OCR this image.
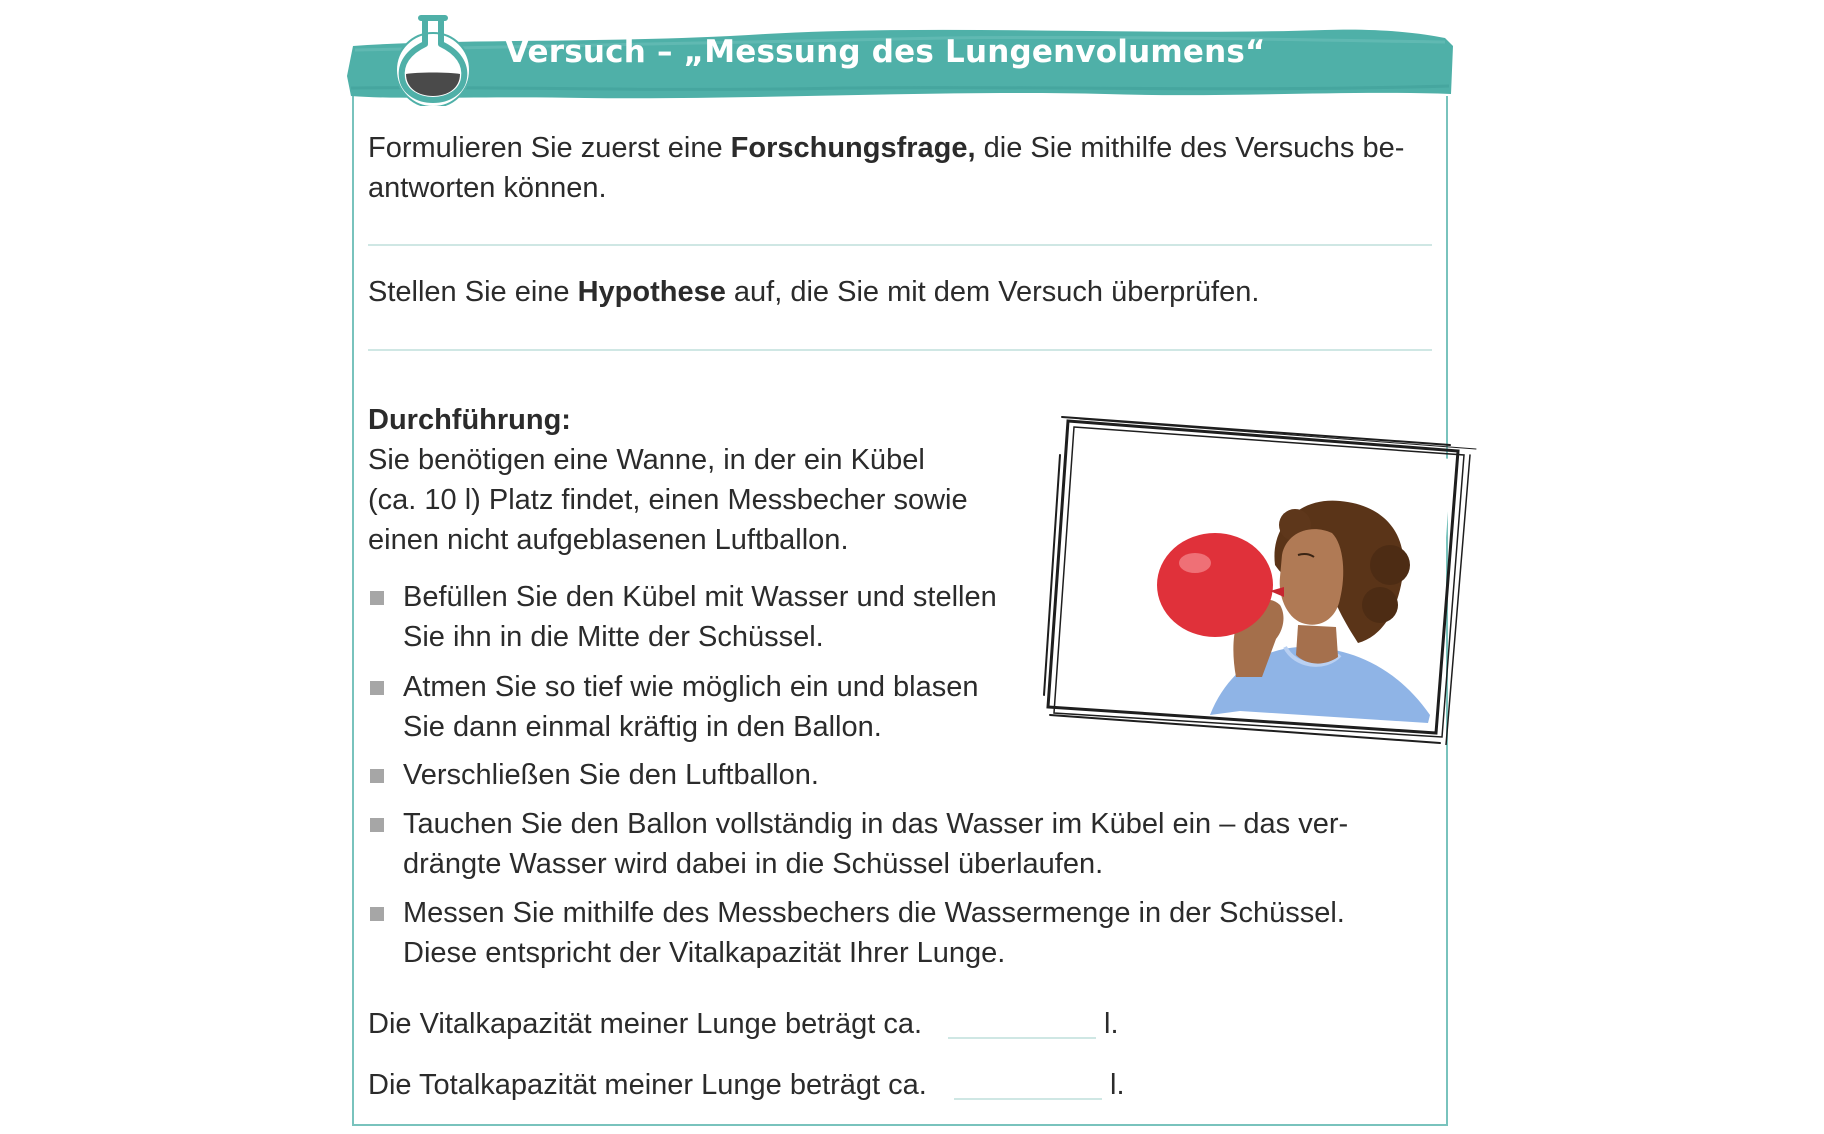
Versuch – „Messung des Lungenvolumens“
Formulieren Sie zuerst eine Forschungsfrage, die Sie mithilfe des Versuchs be-
antworten können.
Stellen Sie eine Hypothese auf, die Sie mit dem Versuch überprüfen.
Durchführung:
Sie benötigen eine Wanne, in der ein Kübel
(ca. 10 l) Platz findet, einen Messbecher sowie
einen nicht aufgeblasenen Luftballon.
Befüllen Sie den Kübel mit Wasser und stellen
Sie ihn in die Mitte der Schüssel.
Atmen Sie so tief wie möglich ein und blasen
Sie dann einmal kräftig in den Ballon.
Verschließen Sie den Luftballon.
Tauchen Sie den Ballon vollständig in das Wasser im Kübel ein – das ver-
drängte Wasser wird dabei in die Schüssel überlaufen.
Messen Sie mithilfe des Messbechers die Wassermenge in der Schüssel.
Diese entspricht der Vitalkapazität Ihrer Lunge.
Die Vitalkapazität meiner Lunge beträgt ca.	l.
Die Totalkapazität meiner Lunge beträgt ca.	l.
